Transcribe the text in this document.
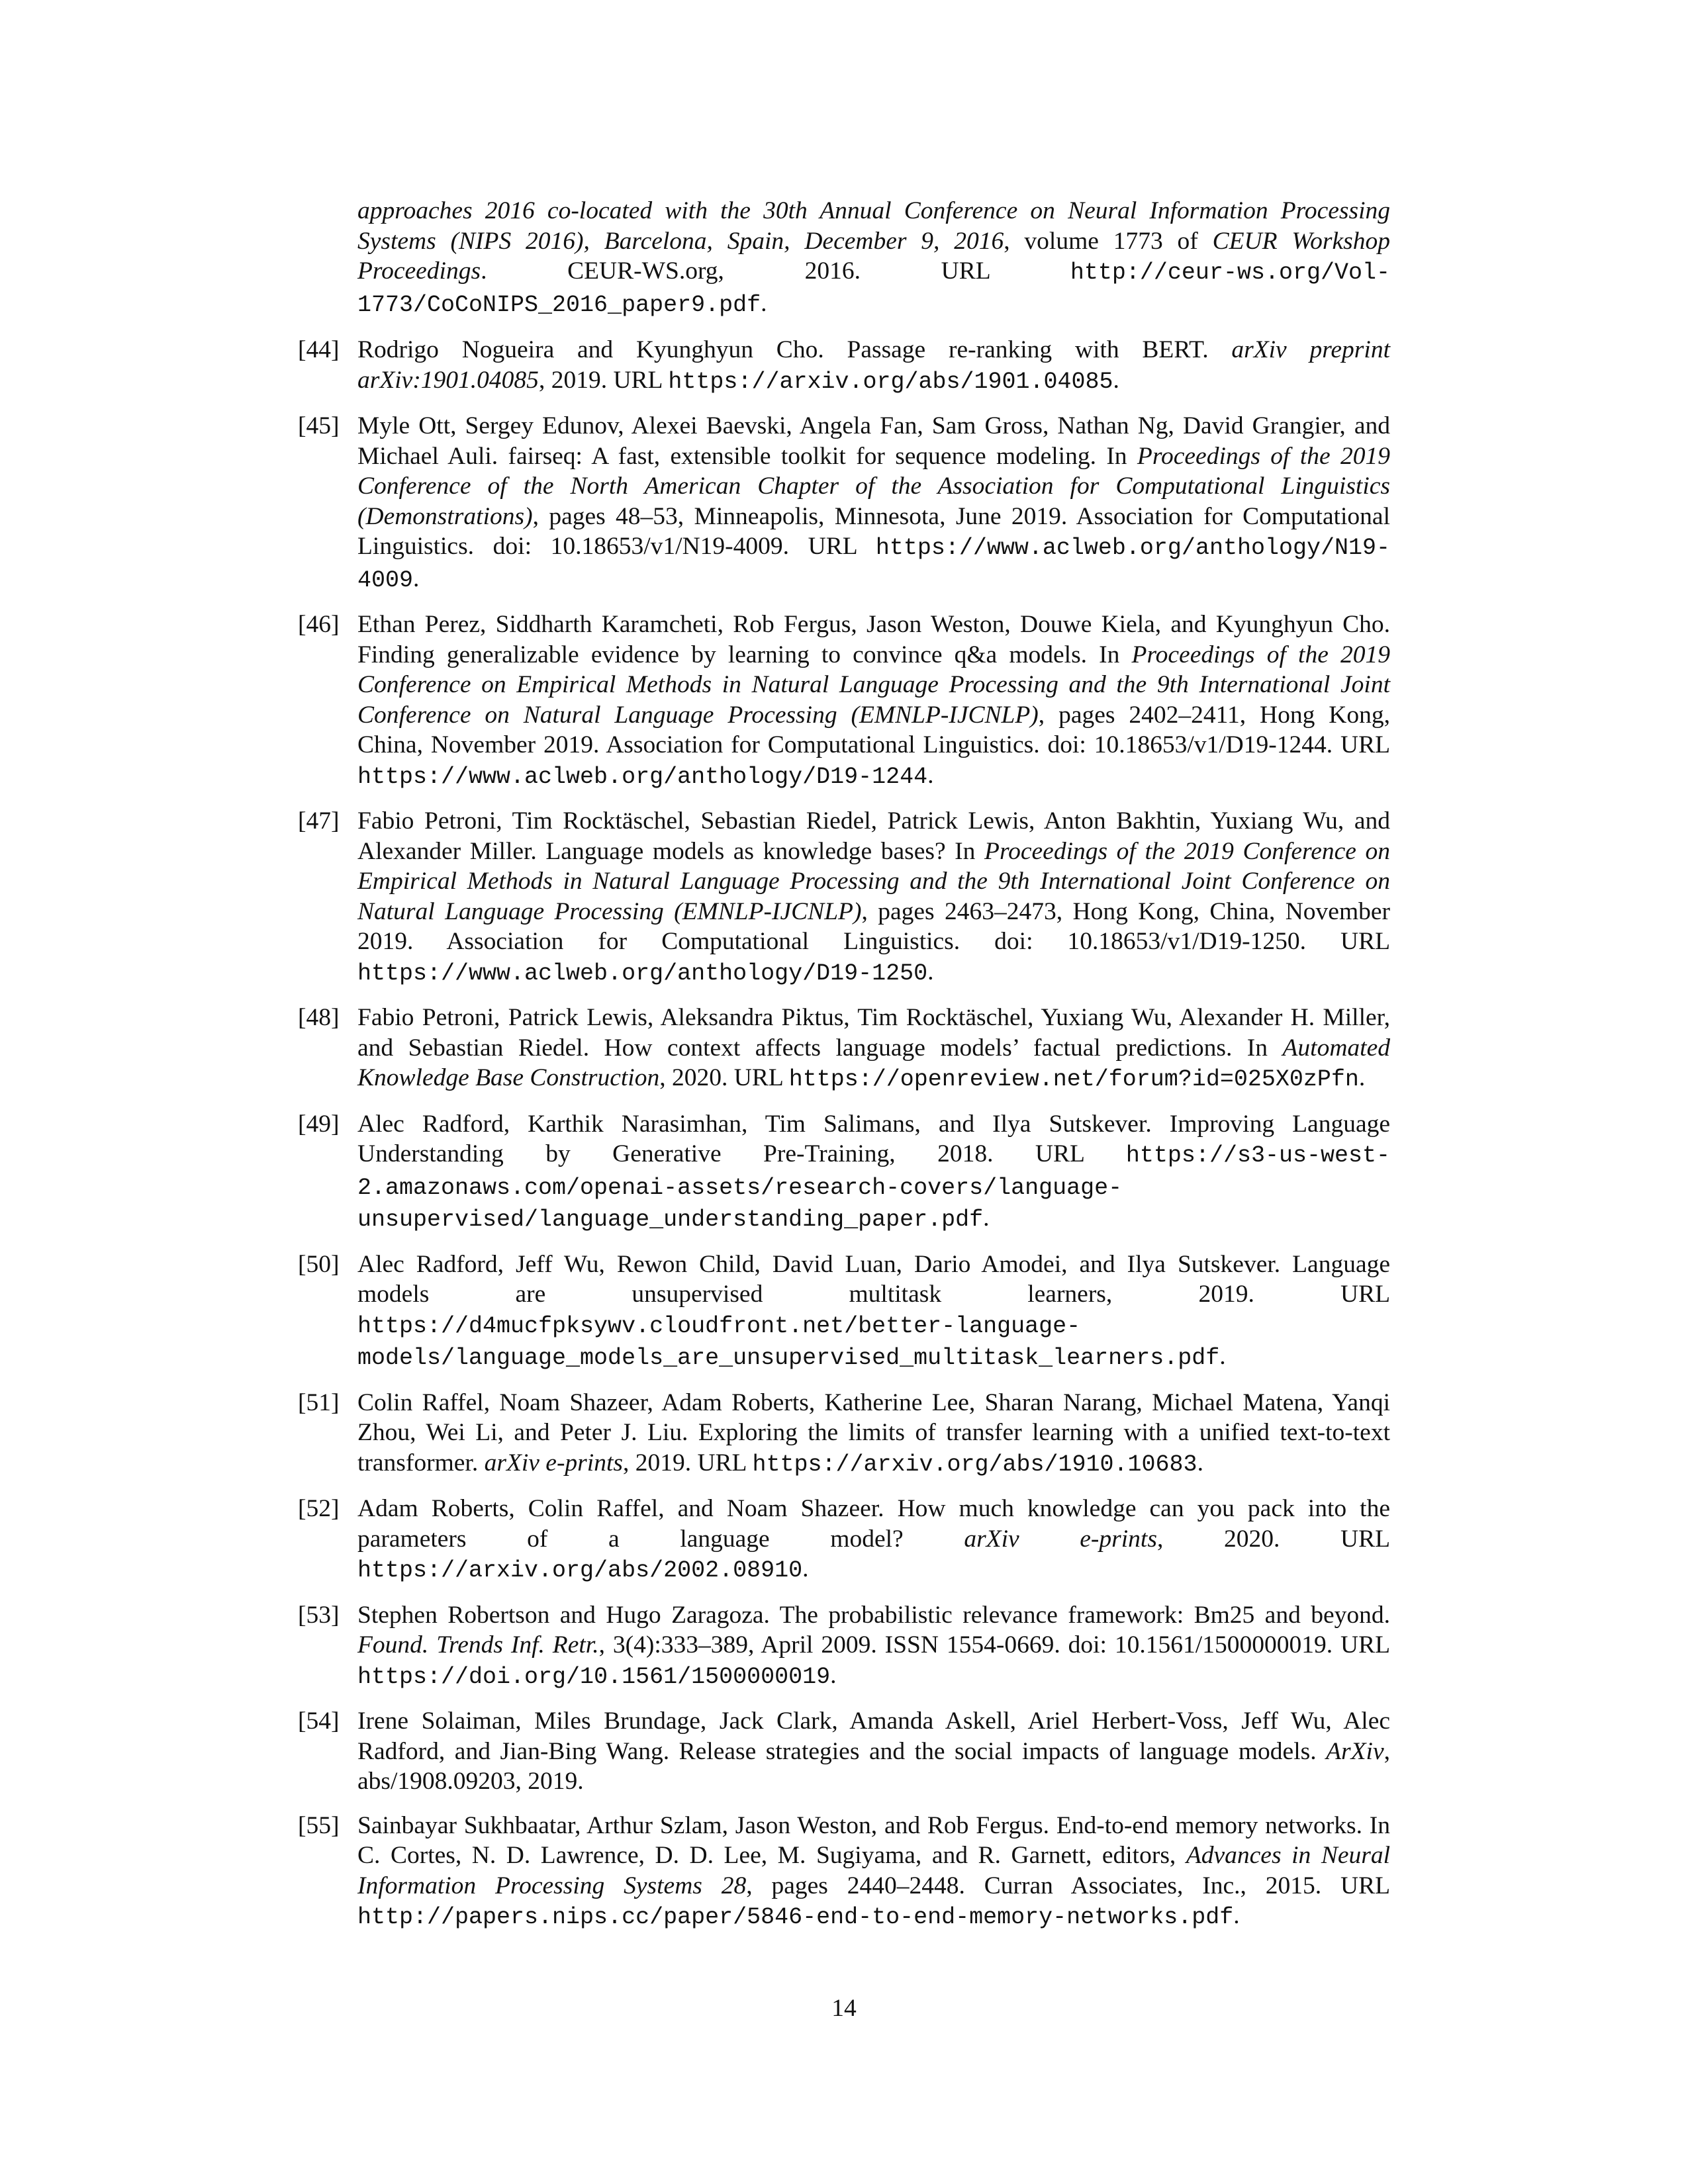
approaches 2016 co-located with the 30th Annual Conference on Neural Information Processing Systems (NIPS 2016), Barcelona, Spain, December 9, 2016, volume 1773 of CEUR Workshop Proceedings. CEUR-WS.org, 2016. URL http://ceur-ws.org/Vol-1773/CoCoNIPS_2016_paper9.pdf.
[44] Rodrigo Nogueira and Kyunghyun Cho. Passage re-ranking with BERT. arXiv preprint arXiv:1901.04085, 2019. URL https://arxiv.org/abs/1901.04085.
[45] Myle Ott, Sergey Edunov, Alexei Baevski, Angela Fan, Sam Gross, Nathan Ng, David Grangier, and Michael Auli. fairseq: A fast, extensible toolkit for sequence modeling. In Proceedings of the 2019 Conference of the North American Chapter of the Association for Computational Linguistics (Demonstrations), pages 48–53, Minneapolis, Minnesota, June 2019. Association for Computational Linguistics. doi: 10.18653/v1/N19-4009. URL https://www.aclweb.org/anthology/N19-4009.
[46] Ethan Perez, Siddharth Karamcheti, Rob Fergus, Jason Weston, Douwe Kiela, and Kyunghyun Cho. Finding generalizable evidence by learning to convince q&a models. In Proceedings of the 2019 Conference on Empirical Methods in Natural Language Processing and the 9th International Joint Conference on Natural Language Processing (EMNLP-IJCNLP), pages 2402–2411, Hong Kong, China, November 2019. Association for Computational Linguistics. doi: 10.18653/v1/D19-1244. URL https://www.aclweb.org/anthology/D19-1244.
[47] Fabio Petroni, Tim Rocktäschel, Sebastian Riedel, Patrick Lewis, Anton Bakhtin, Yuxiang Wu, and Alexander Miller. Language models as knowledge bases? In Proceedings of the 2019 Conference on Empirical Methods in Natural Language Processing and the 9th International Joint Conference on Natural Language Processing (EMNLP-IJCNLP), pages 2463–2473, Hong Kong, China, November 2019. Association for Computational Linguistics. doi: 10.18653/v1/D19-1250. URL https://www.aclweb.org/anthology/D19-1250.
[48] Fabio Petroni, Patrick Lewis, Aleksandra Piktus, Tim Rocktäschel, Yuxiang Wu, Alexander H. Miller, and Sebastian Riedel. How context affects language models’ factual predictions. In Automated Knowledge Base Construction, 2020. URL https://openreview.net/forum?id=025X0zPfn.
[49] Alec Radford, Karthik Narasimhan, Tim Salimans, and Ilya Sutskever. Improving Language Understanding by Generative Pre-Training, 2018. URL https://s3-us-west-2.amazonaws.com/openai-assets/research-covers/language-unsupervised/language_understanding_paper.pdf.
[50] Alec Radford, Jeff Wu, Rewon Child, David Luan, Dario Amodei, and Ilya Sutskever. Language models are unsupervised multitask learners, 2019. URL https://d4mucfpksywv.cloudfront.net/better-language-models/language_models_are_unsupervised_multitask_learners.pdf.
[51] Colin Raffel, Noam Shazeer, Adam Roberts, Katherine Lee, Sharan Narang, Michael Matena, Yanqi Zhou, Wei Li, and Peter J. Liu. Exploring the limits of transfer learning with a unified text-to-text transformer. arXiv e-prints, 2019. URL https://arxiv.org/abs/1910.10683.
[52] Adam Roberts, Colin Raffel, and Noam Shazeer. How much knowledge can you pack into the parameters of a language model? arXiv e-prints, 2020. URL https://arxiv.org/abs/2002.08910.
[53] Stephen Robertson and Hugo Zaragoza. The probabilistic relevance framework: Bm25 and beyond. Found. Trends Inf. Retr., 3(4):333–389, April 2009. ISSN 1554-0669. doi: 10.1561/1500000019. URL https://doi.org/10.1561/1500000019.
[54] Irene Solaiman, Miles Brundage, Jack Clark, Amanda Askell, Ariel Herbert-Voss, Jeff Wu, Alec Radford, and Jian-Bing Wang. Release strategies and the social impacts of language models. ArXiv, abs/1908.09203, 2019.
[55] Sainbayar Sukhbaatar, Arthur Szlam, Jason Weston, and Rob Fergus. End-to-end memory networks. In C. Cortes, N. D. Lawrence, D. D. Lee, M. Sugiyama, and R. Garnett, editors, Advances in Neural Information Processing Systems 28, pages 2440–2448. Curran Associates, Inc., 2015. URL http://papers.nips.cc/paper/5846-end-to-end-memory-networks.pdf.
14
